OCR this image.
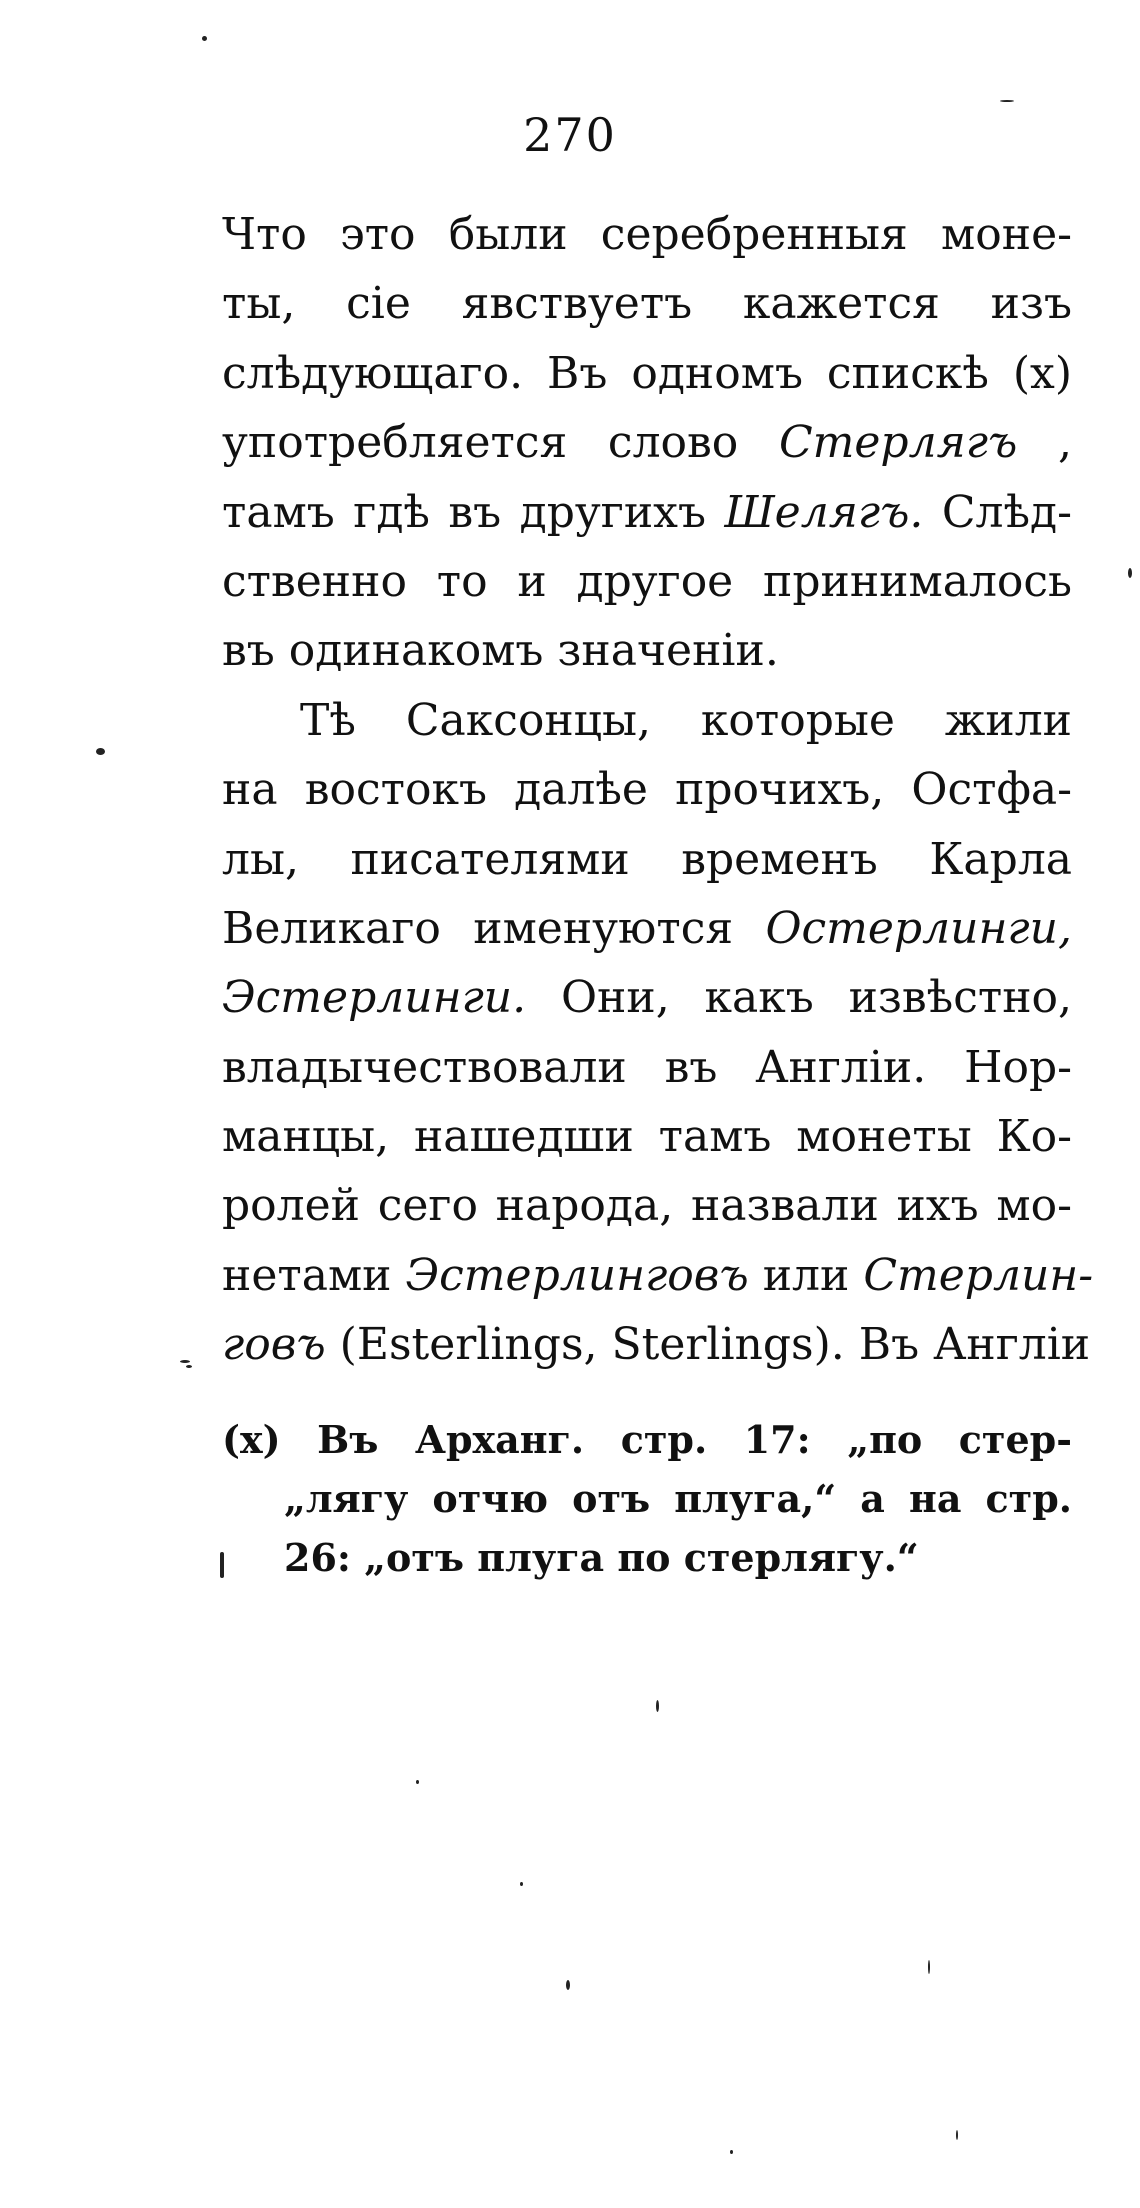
270
Что это были серебренныя моне-
ты, сiе явствуетъ кажется изъ
слѣдующаго. Въ одномъ спискѣ (x)
употребляется слово Стерлягъ ,
тамъ гдѣ въ другихъ Шелягъ. Слѣд-
ственно то и другое принималось
въ одинакомъ значенiи.
Тѣ Саксонцы, которые жили
на востокъ далѣе прочихъ, Остфа-
лы, писателями временъ Карла
Великаго именуются Остерлинги,
Эстерлинги. Они, какъ извѣстно,
владычествовали въ Англiи. Нор-
манцы, нашедши тамъ монеты Ко-
ролей сего народа, назвали ихъ мо-
нетами Эстерлинговъ или Стерлин-
говъ (Esterlings, Sterlings). Въ Англiи
(x) Въ Арханг. стр. 17: „по стер-
„лягу отчю отъ плуга,“ а на стр.
26: „отъ плуга по стерлягу.“
